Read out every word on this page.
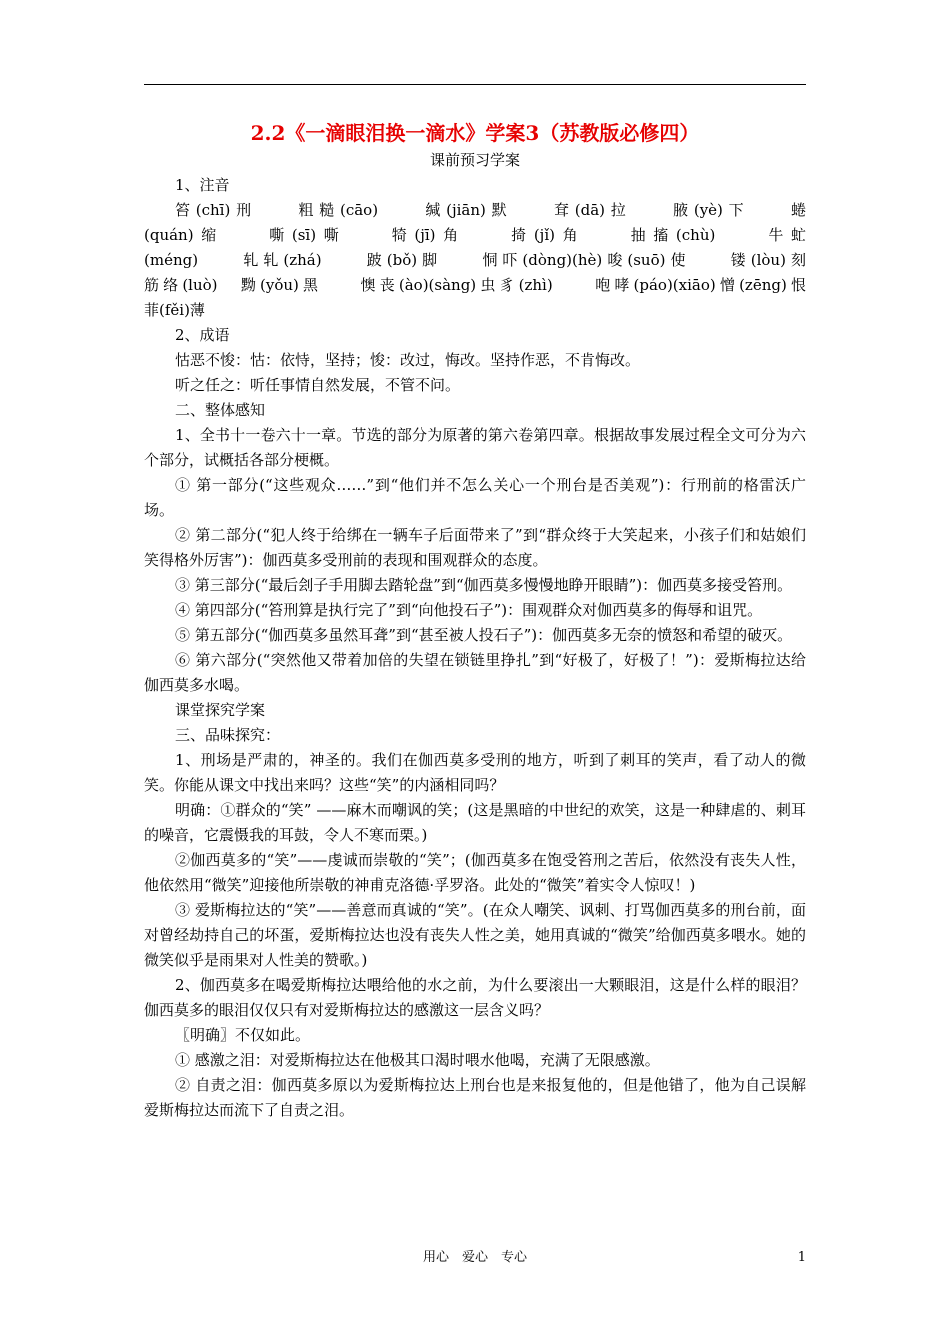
2.2《一滴眼泪换一滴水》学案3（苏教版必修四）

课前预习学案

1、注音

笞(chī)刑　　粗糙(cāo)　　缄(jiān)默　　耷(dā)拉　　腋(yè)下　　蜷

(quán)缩　　嘶(sī)嘶　　犄(jī)角　　掎(jǐ)角　　抽搐(chù)　　牛虻

(méng)　　轧轧(zhá)　　跛(bǒ)脚　　恫吓(dòng)(hè)唆(suō)使　　镂(lòu)刻

筋络(luò)　黝(yǒu)黑　　懊丧(ào)(sàng)虫豸(zhì)　　咆哮(páo)(xiāo)憎(zēng)恨

菲(fěi)薄

2、成语

怙恶不悛：怙：依恃，坚持；悛：改过，悔改。坚持作恶，不肯悔改。

听之任之：听任事情自然发展，不管不问。

二、整体感知

1、全书十一卷六十一章。节选的部分为原著的第六卷第四章。根据故事发展过程全文可分为六个部分，试概括各部分梗概。

① 第一部分(“这些观众……”到“他们并不怎么关心一个刑台是否美观”)：行刑前的格雷沃广场。

② 第二部分(“犯人终于给绑在一辆车子后面带来了”到“群众终于大笑起来，小孩子们和姑娘们笑得格外厉害”)：伽西莫多受刑前的表现和围观群众的态度。

③ 第三部分(“最后刽子手用脚去踏轮盘”到“伽西莫多慢慢地睁开眼睛”)：伽西莫多接受笞刑。

④ 第四部分(“笞刑算是执行完了”到“向他投石子”)：围观群众对伽西莫多的侮辱和诅咒。

⑤ 第五部分(“伽西莫多虽然耳聋”到“甚至被人投石子”)：伽西莫多无奈的愤怒和希望的破灭。

⑥ 第六部分(“突然他又带着加倍的失望在锁链里挣扎”到“好极了，好极了！”)：爱斯梅拉达给伽西莫多水喝。

课堂探究学案

三、品味探究：

1、刑场是严肃的，神圣的。我们在伽西莫多受刑的地方，听到了刺耳的笑声，看了动人的微笑。你能从课文中找出来吗？这些“笑”的内涵相同吗？

明确：①群众的“笑” ——麻木而嘲讽的笑；(这是黑暗的中世纪的欢笑，这是一种肆虐的、刺耳的噪音，它震慑我的耳鼓，令人不寒而栗。)

②伽西莫多的“笑”——虔诚而崇敬的“笑”；(伽西莫多在饱受笞刑之苦后，依然没有丧失人性，他依然用“微笑”迎接他所崇敬的神甫克洛德·孚罗洛。此处的“微笑”着实令人惊叹！)

③ 爱斯梅拉达的“笑”——善意而真诚的“笑”。(在众人嘲笑、讽刺、打骂伽西莫多的刑台前，面对曾经劫持自己的坏蛋，爱斯梅拉达也没有丧失人性之美，她用真诚的“微笑”给伽西莫多喂水。她的微笑似乎是雨果对人性美的赞歌。)

2、伽西莫多在喝爱斯梅拉达喂给他的水之前，为什么要滚出一大颗眼泪，这是什么样的眼泪？伽西莫多的眼泪仅仅只有对爱斯梅拉达的感激这一层含义吗？

〖明确〗不仅如此。

① 感激之泪：对爱斯梅拉达在他极其口渴时喂水他喝，充满了无限感激。

② 自责之泪：伽西莫多原以为爱斯梅拉达上刑台也是来报复他的，但是他错了，他为自己误解爱斯梅拉达而流下了自责之泪。

用心　爱心　专心	1
